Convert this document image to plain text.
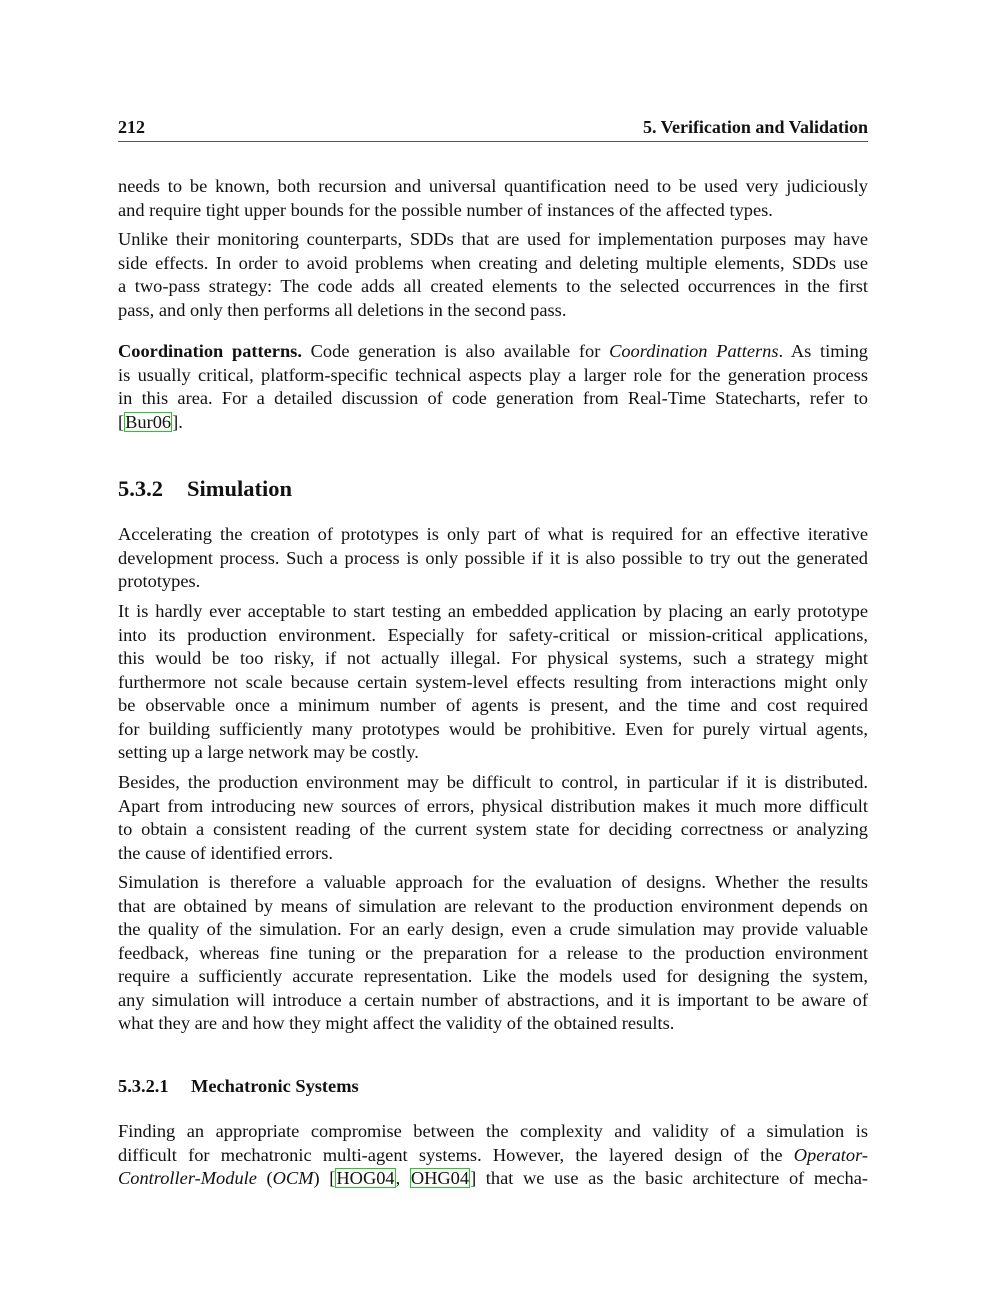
212	5. Verification and Validation
needs to be known, both recursion and universal quantification need to be used very judiciously
and require tight upper bounds for the possible number of instances of the affected types.
Unlike their monitoring counterparts, SDDs that are used for implementation purposes may have
side effects. In order to avoid problems when creating and deleting multiple elements, SDDs use
a two-pass strategy: The code adds all created elements to the selected occurrences in the first
pass, and only then performs all deletions in the second pass.
Coordination patterns. Code generation is also available for Coordination Patterns. As timing
is usually critical, platform-specific technical aspects play a larger role for the generation process
in this area. For a detailed discussion of code generation from Real-Time Statecharts, refer to
[Bur06].
5.3.2 Simulation
Accelerating the creation of prototypes is only part of what is required for an effective iterative
development process. Such a process is only possible if it is also possible to try out the generated
prototypes.
It is hardly ever acceptable to start testing an embedded application by placing an early prototype
into its production environment. Especially for safety-critical or mission-critical applications,
this would be too risky, if not actually illegal. For physical systems, such a strategy might
furthermore not scale because certain system-level effects resulting from interactions might only
be observable once a minimum number of agents is present, and the time and cost required
for building sufficiently many prototypes would be prohibitive. Even for purely virtual agents,
setting up a large network may be costly.
Besides, the production environment may be difficult to control, in particular if it is distributed.
Apart from introducing new sources of errors, physical distribution makes it much more difficult
to obtain a consistent reading of the current system state for deciding correctness or analyzing
the cause of identified errors.
Simulation is therefore a valuable approach for the evaluation of designs. Whether the results
that are obtained by means of simulation are relevant to the production environment depends on
the quality of the simulation. For an early design, even a crude simulation may provide valuable
feedback, whereas fine tuning or the preparation for a release to the production environment
require a sufficiently accurate representation. Like the models used for designing the system,
any simulation will introduce a certain number of abstractions, and it is important to be aware of
what they are and how they might affect the validity of the obtained results.
5.3.2.1 Mechatronic Systems
Finding an appropriate compromise between the complexity and validity of a simulation is
difficult for mechatronic multi-agent systems. However, the layered design of the Operator-
Controller-Module (OCM) [HOG04, OHG04] that we use as the basic architecture of mecha-
